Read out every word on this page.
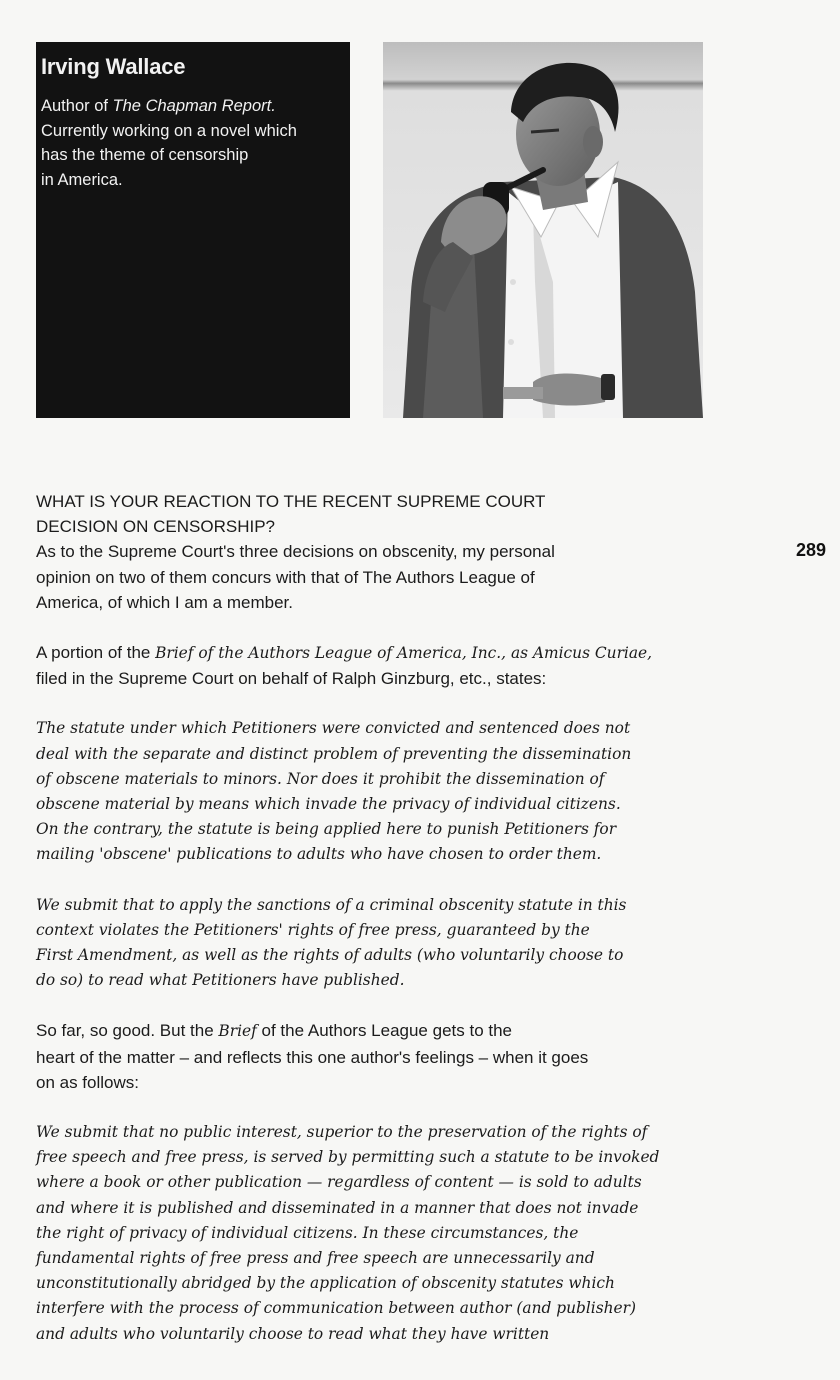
Irving Wallace
Author of The Chapman Report.
Currently working on a novel which
has the theme of censorship
in America.
289
WHAT IS YOUR REACTION TO THE RECENT SUPREME COURT
DECISION ON CENSORSHIP?
As to the Supreme Court's three decisions on obscenity, my personal
opinion on two of them concurs with that of The Authors League of
America, of which I am a member.
A portion of the Brief of the Authors League of America, Inc., as Amicus Curiae,
filed in the Supreme Court on behalf of Ralph Ginzburg, etc., states:
The statute under which Petitioners were convicted and sentenced does not
deal with the separate and distinct problem of preventing the dissemination
of obscene materials to minors. Nor does it prohibit the dissemination of
obscene material by means which invade the privacy of individual citizens.
On the contrary, the statute is being applied here to punish Petitioners for
mailing 'obscene' publications to adults who have chosen to order them.
We submit that to apply the sanctions of a criminal obscenity statute in this
context violates the Petitioners' rights of free press, guaranteed by the
First Amendment, as well as the rights of adults (who voluntarily choose to
do so) to read what Petitioners have published.
So far, so good. But the Brief of the Authors League gets to the
heart of the matter – and reflects this one author's feelings – when it goes
on as follows:
We submit that no public interest, superior to the preservation of the rights of
free speech and free press, is served by permitting such a statute to be invoked
where a book or other publication — regardless of content — is sold to adults
and where it is published and disseminated in a manner that does not invade
the right of privacy of individual citizens. In these circumstances, the
fundamental rights of free press and free speech are unnecessarily and
unconstitutionally abridged by the application of obscenity statutes which
interfere with the process of communication between author (and publisher)
and adults who voluntarily choose to read what they have written
